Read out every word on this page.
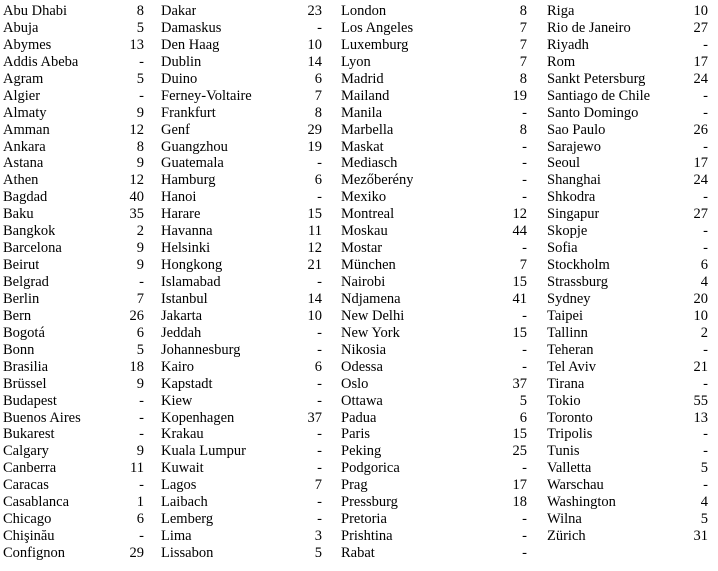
Abu Dhabi	8
Abuja	5
Abymes	13
Addis Abeba	-
Agram	5
Algier	-
Almaty	9
Amman	12
Ankara	8
Astana	9
Athen	12
Bagdad	40
Baku	35
Bangkok	2
Barcelona	9
Beirut	9
Belgrad	-
Berlin	7
Bern	26
Bogotá	6
Bonn	5
Brasilia	18
Brüssel	9
Budapest	-
Buenos Aires	-
Bukarest	-
Calgary	9
Canberra	11
Caracas	-
Casablanca	1
Chicago	6
Chişinău	-
Confignon	29
Dakar	23
Damaskus	-
Den Haag	10
Dublin	14
Duino	6
Ferney-Voltaire	7
Frankfurt	8
Genf	29
Guangzhou	19
Guatemala	-
Hamburg	6
Hanoi	-
Harare	15
Havanna	11
Helsinki	12
Hongkong	21
Islamabad	-
Istanbul	14
Jakarta	10
Jeddah	-
Johannesburg	-
Kairo	6
Kapstadt	-
Kiew	-
Kopenhagen	37
Krakau	-
Kuala Lumpur	-
Kuwait	-
Lagos	7
Laibach	-
Lemberg	-
Lima	3
Lissabon	5
London	8
Los Angeles	7
Luxemburg	7
Lyon	7
Madrid	8
Mailand	19
Manila	-
Marbella	8
Maskat	-
Mediasch	-
Mezőberény	-
Mexiko	-
Montreal	12
Moskau	44
Mostar	-
München	7
Nairobi	15
Ndjamena	41
New Delhi	-
New York	15
Nikosia	-
Odessa	-
Oslo	37
Ottawa	5
Padua	6
Paris	15
Peking	25
Podgorica	-
Prag	17
Pressburg	18
Pretoria	-
Prishtina	-
Rabat	-
Riga	10
Rio de Janeiro	27
Riyadh	-
Rom	17
Sankt Petersburg	24
Santiago de Chile	-
Santo Domingo	-
Sao Paulo	26
Sarajewo	-
Seoul	17
Shanghai	24
Shkodra	-
Singapur	27
Skopje	-
Sofia	-
Stockholm	6
Strassburg	4
Sydney	20
Taipei	10
Tallinn	2
Teheran	-
Tel Aviv	21
Tirana	-
Tokio	55
Toronto	13
Tripolis	-
Tunis	-
Valletta	5
Warschau	-
Washington	4
Wilna	5
Zürich	31
